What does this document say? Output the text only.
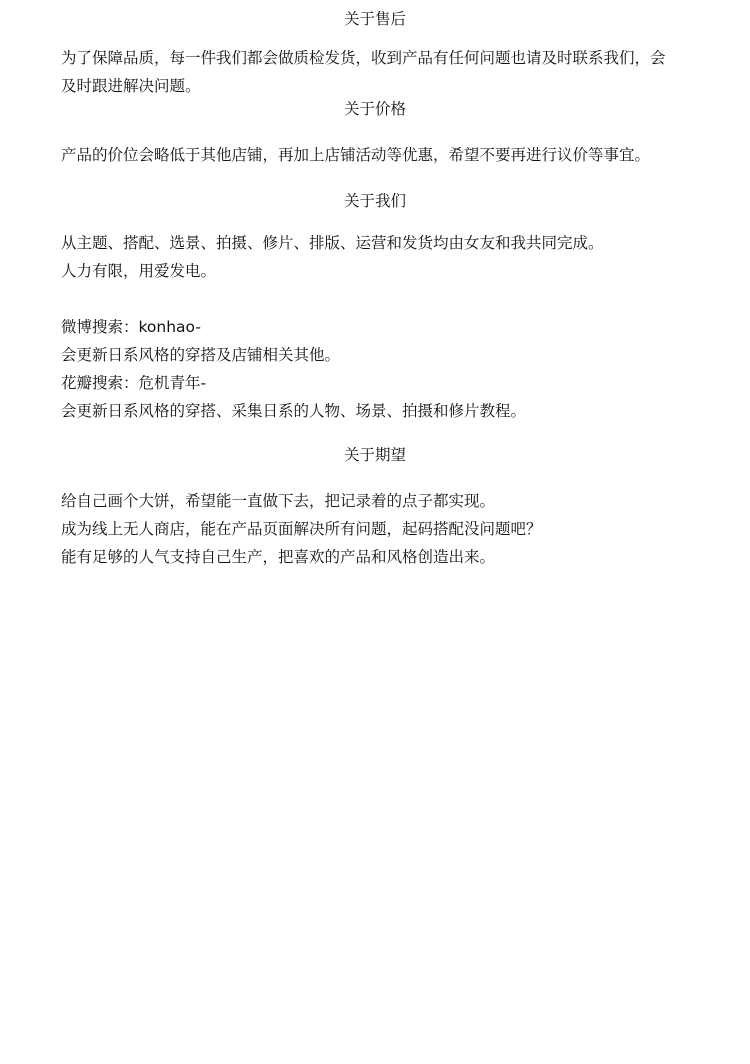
关于售后

为了保障品质，每一件我们都会做质检发货，收到产品有任何问题也请及时联系我们，会

及时跟进解决问题。

关于价格

产品的价位会略低于其他店铺，再加上店铺活动等优惠，希望不要再进行议价等事宜。

关于我们

从主题、搭配、选景、拍摄、修片、排版、运营和发货均由女友和我共同完成。

人力有限，用爱发电。

微博搜索：konhao-

会更新日系风格的穿搭及店铺相关其他。

花瓣搜索：危机青年-

会更新日系风格的穿搭、采集日系的人物、场景、拍摄和修片教程。

关于期望

给自己画个大饼，希望能一直做下去，把记录着的点子都实现。

成为线上无人商店，能在产品页面解决所有问题，起码搭配没问题吧？

能有足够的人气支持自己生产，把喜欢的产品和风格创造出来。
